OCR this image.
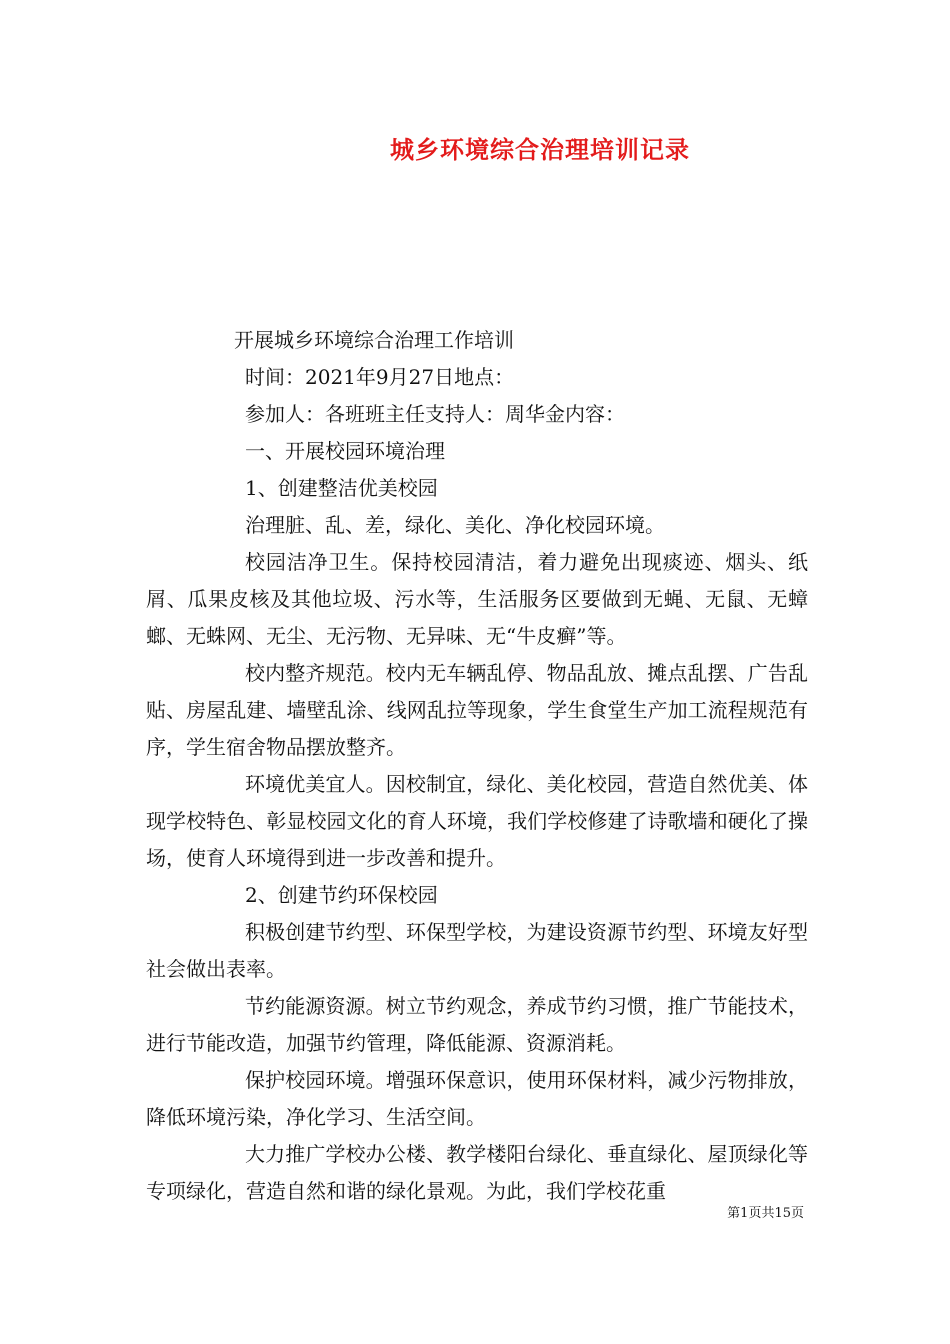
城乡环境综合治理培训记录

开展城乡环境综合治理工作培训

时间：2021年9月27日地点：

参加人：各班班主任支持人：周华金内容：

一、开展校园环境治理

1、创建整洁优美校园

治理脏、乱、差，绿化、美化、净化校园环境。

校园洁净卫生。保持校园清洁，着力避免出现痰迹、烟头、纸屑、瓜果皮核及其他垃圾、污水等，生活服务区要做到无蝇、无鼠、无蟑螂、无蛛网、无尘、无污物、无异味、无“牛皮癣”等。

校内整齐规范。校内无车辆乱停、物品乱放、摊点乱摆、广告乱贴、房屋乱建、墙壁乱涂、线网乱拉等现象，学生食堂生产加工流程规范有序，学生宿舍物品摆放整齐。

环境优美宜人。因校制宜，绿化、美化校园，营造自然优美、体现学校特色、彰显校园文化的育人环境，我们学校修建了诗歌墙和硬化了操场，使育人环境得到进一步改善和提升。

2、创建节约环保校园

积极创建节约型、环保型学校，为建设资源节约型、环境友好型社会做出表率。

节约能源资源。树立节约观念，养成节约习惯，推广节能技术，进行节能改造，加强节约管理，降低能源、资源消耗。

保护校园环境。增强环保意识，使用环保材料，减少污物排放，降低环境污染，净化学习、生活空间。

大力推广学校办公楼、教学楼阳台绿化、垂直绿化、屋顶绿化等专项绿化，营造自然和谐的绿化景观。为此，我们学校花重

第1页共15页
